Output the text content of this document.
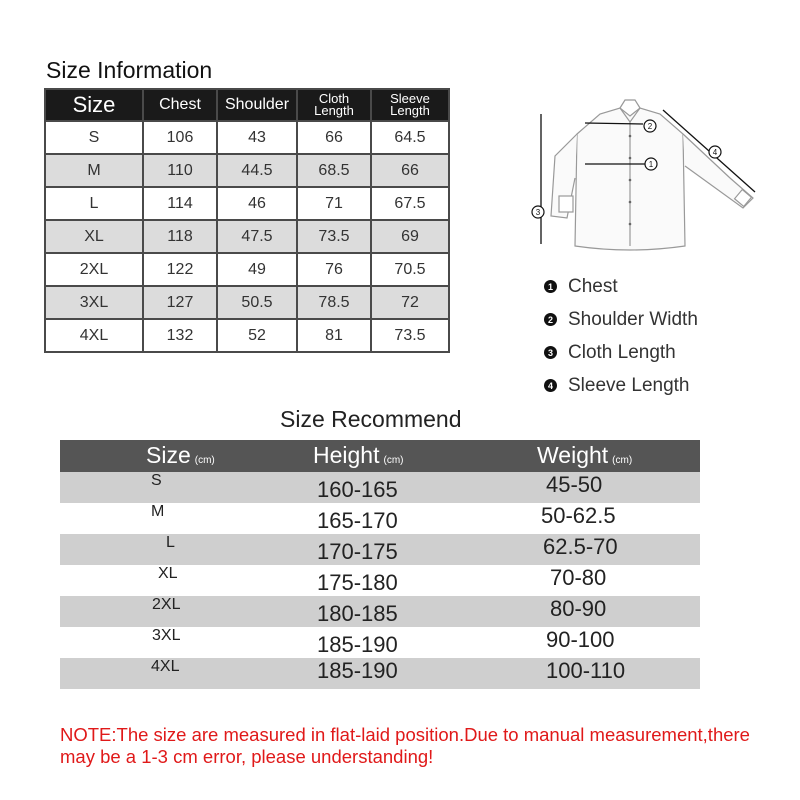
Size Information
Size	Chest	Shoulder	Cloth Length	Sleeve Length
S	106	43	66	64.5
M	110	44.5	68.5	66
L	114	46	71	67.5
XL	118	47.5	73.5	69
2XL	122	49	76	70.5
3XL	127	50.5	78.5	72
4XL	132	52	81	73.5
1
2
3
4
1 Chest
2 Shoulder Width
3 Cloth Length
4 Sleeve Length
Size Recommend
Size (cm)	Height (cm)	Weight (cm)
S	160-165	45-50
M	165-170	50-62.5
L	170-175	62.5-70
XL	175-180	70-80
2XL	180-185	80-90
3XL	185-190	90-100
4XL	185-190	100-110
NOTE:The size are measured in flat-laid position.Due to manual measurement,there may be a 1-3 cm error, please understanding!
